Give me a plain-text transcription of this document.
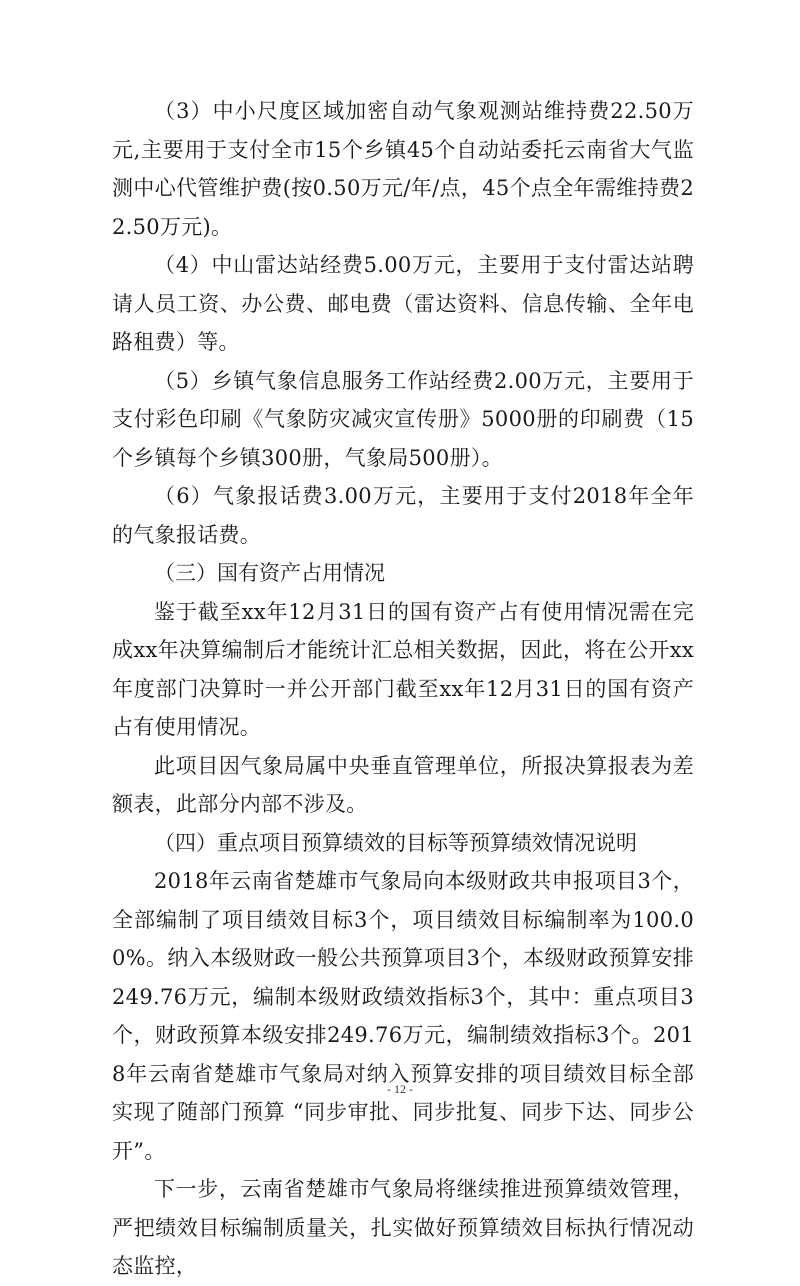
（3）中小尺度区域加密自动气象观测站维持费22.50万元,主要用于支付全市15个乡镇45个自动站委托云南省大气监测中心代管维护费(按0.50万元/年/点，45个点全年需维持费22.50万元)。

（4）中山雷达站经费5.00万元，主要用于支付雷达站聘请人员工资、办公费、邮电费（雷达资料、信息传输、全年电路租费）等。

（5）乡镇气象信息服务工作站经费2.00万元，主要用于支付彩色印刷《气象防灾减灾宣传册》5000册的印刷费（15个乡镇每个乡镇300册，气象局500册）。

（6）气象报话费3.00万元，主要用于支付2018年全年的气象报话费。

（三）国有资产占用情况

鉴于截至xx年12月31日的国有资产占有使用情况需在完成xx年决算编制后才能统计汇总相关数据，因此，将在公开xx年度部门决算时一并公开部门截至xx年12月31日的国有资产占有使用情况。

此项目因气象局属中央垂直管理单位，所报决算报表为差额表，此部分内部不涉及。

（四）重点项目预算绩效的目标等预算绩效情况说明

2018年云南省楚雄市气象局向本级财政共申报项目3个，全部编制了项目绩效目标3个，项目绩效目标编制率为100.00%。纳入本级财政一般公共预算项目3个，本级财政预算安排249.76万元，编制本级财政绩效指标3个，其中：重点项目3个，财政预算本级安排249.76万元，编制绩效指标3个。2018年云南省楚雄市气象局对纳入预算安排的项目绩效目标全部实现了随部门预算 “同步审批、同步批复、同步下达、同步公开”。

下一步，云南省楚雄市气象局将继续推进预算绩效管理，严把绩效目标编制质量关，扎实做好预算绩效目标执行情况动态监控，

- 12 -
